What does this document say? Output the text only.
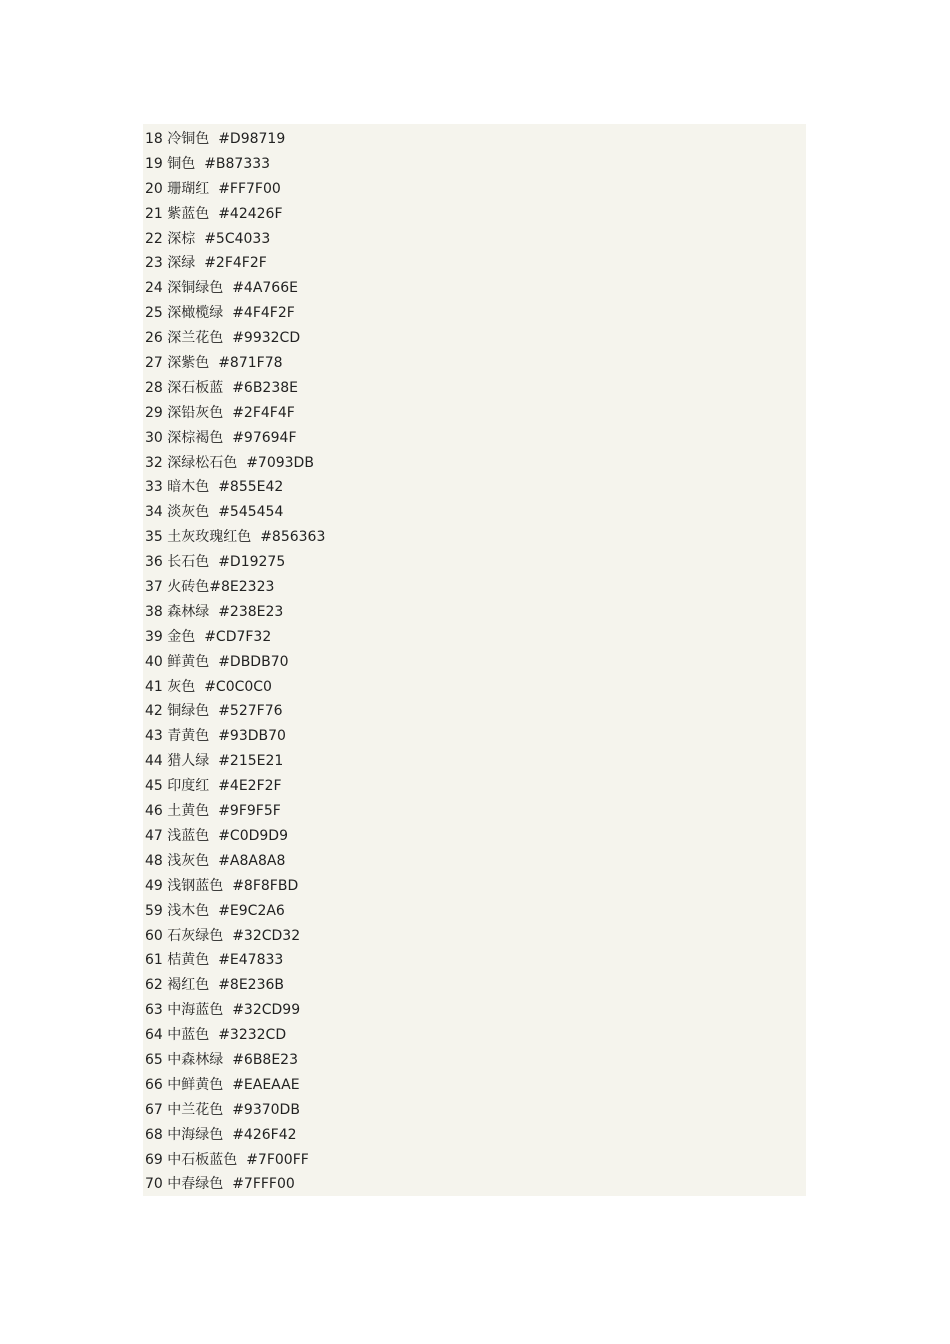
18 冷铜色 #D98719
19 铜色 #B87333
20 珊瑚红 #FF7F00
21 紫蓝色 #42426F
22 深棕 #5C4033
23 深绿 #2F4F2F
24 深铜绿色 #4A766E
25 深橄榄绿 #4F4F2F
26 深兰花色 #9932CD
27 深紫色 #871F78
28 深石板蓝 #6B238E
29 深铅灰色 #2F4F4F
30 深棕褐色 #97694F
32 深绿松石色 #7093DB
33 暗木色 #855E42
34 淡灰色 #545454
35 土灰玫瑰红色 #856363
36 长石色 #D19275
37 火砖色#8E2323
38 森林绿 #238E23
39 金色 #CD7F32
40 鲜黄色 #DBDB70
41 灰色 #C0C0C0
42 铜绿色 #527F76
43 青黄色 #93DB70
44 猎人绿 #215E21
45 印度红 #4E2F2F
46 土黄色 #9F9F5F
47 浅蓝色 #C0D9D9
48 浅灰色 #A8A8A8
49 浅钢蓝色 #8F8FBD
59 浅木色 #E9C2A6
60 石灰绿色 #32CD32
61 桔黄色 #E47833
62 褐红色 #8E236B
63 中海蓝色 #32CD99
64 中蓝色 #3232CD
65 中森林绿 #6B8E23
66 中鲜黄色 #EAEAAE
67 中兰花色 #9370DB
68 中海绿色 #426F42
69 中石板蓝色 #7F00FF
70 中春绿色 #7FFF00
